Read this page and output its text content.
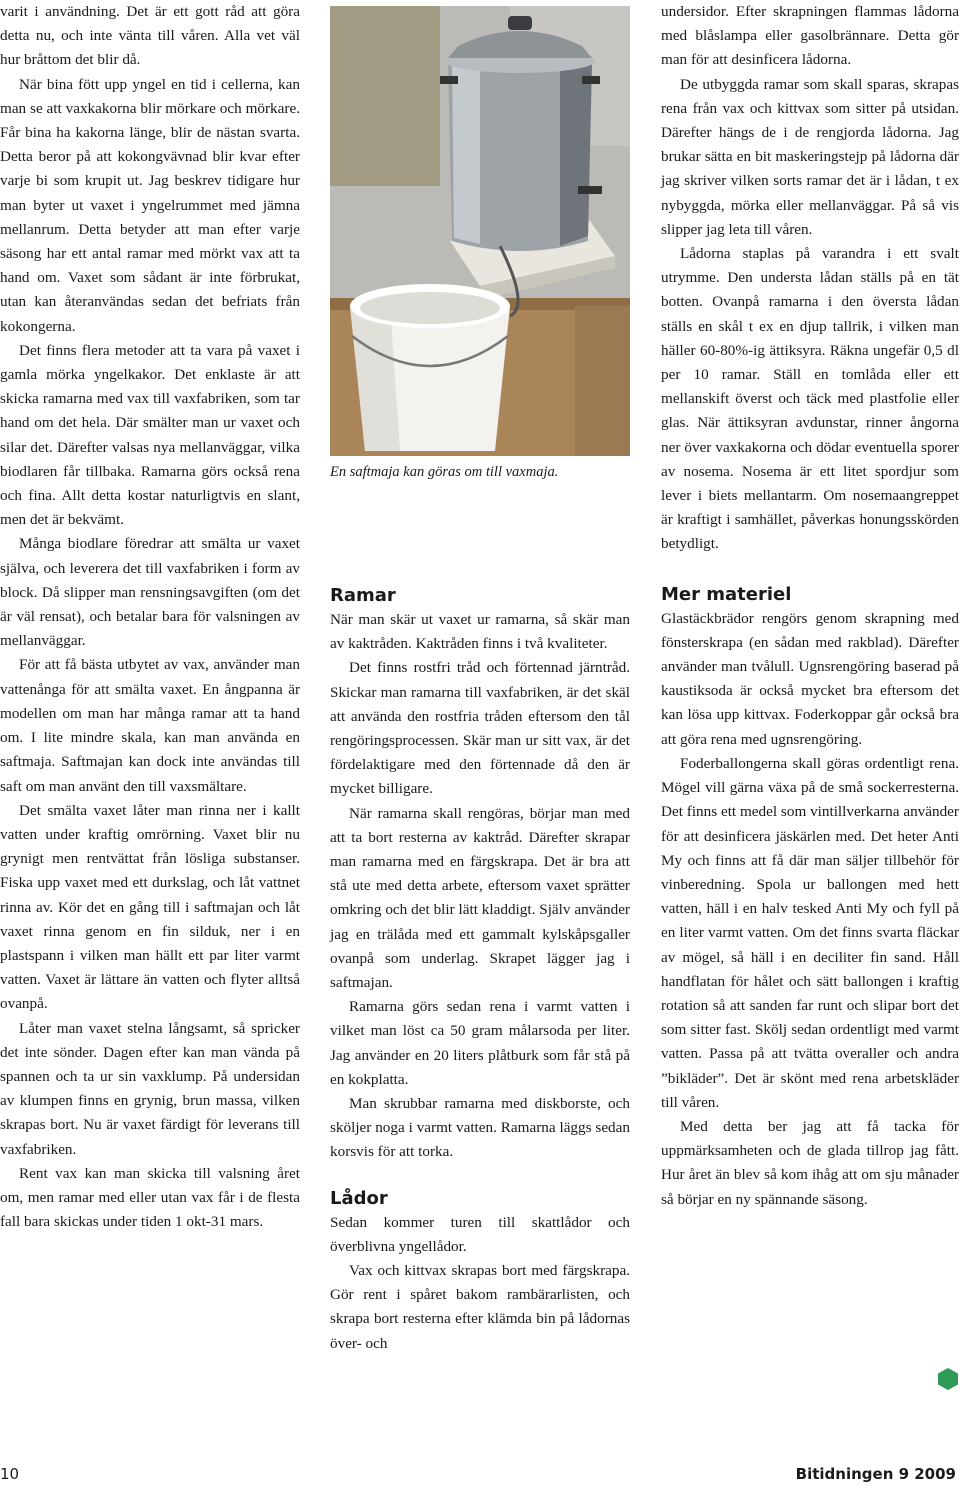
varit i användning. Det är ett gott råd att göra detta nu, och inte vänta till våren. Alla vet väl hur bråttom det blir då.

När bina fött upp yngel en tid i cellerna, kan man se att vaxkakorna blir mörkare och mörkare. Får bina ha kakorna länge, blir de nästan svarta. Detta beror på att kokongvävnad blir kvar efter varje bi som krupit ut. Jag beskrev tidigare hur man byter ut vaxet i yngelrummet med jämna mellanrum. Detta betyder att man efter varje säsong har ett antal ramar med mörkt vax att ta hand om. Vaxet som sådant är inte förbrukat, utan kan återanvändas sedan det befriats från kokongerna.

Det finns flera metoder att ta vara på vaxet i gamla mörka yngelkakor. Det enklaste är att skicka ramarna med vax till vaxfabriken, som tar hand om det hela. Där smälter man ur vaxet och silar det. Därefter valsas nya mellanväggar, vilka biodlaren får tillbaka. Ramarna görs också rena och fina. Allt detta kostar naturligtvis en slant, men det är bekvämt.

Många biodlare föredrar att smälta ur vaxet själva, och leverera det till vaxfabriken i form av block. Då slipper man rensningsavgiften (om det är väl rensat), och betalar bara för valsningen av mellanväggar.

För att få bästa utbytet av vax, använder man vattenånga för att smälta vaxet. En ångpanna är modellen om man har många ramar att ta hand om. I lite mindre skala, kan man använda en saftmaja. Saftmajan kan dock inte användas till saft om man använt den till vaxsmältare.

Det smälta vaxet låter man rinna ner i kallt vatten under kraftig omrörning. Vaxet blir nu grynigt men rentvättat från lösliga substanser. Fiska upp vaxet med ett durkslag, och låt vattnet rinna av. Kör det en gång till i saftmajan och låt vaxet rinna genom en fin silduk, ner i en plastspann i vilken man hällt ett par liter varmt vatten. Vaxet är lättare än vatten och flyter alltså ovanpå.

Låter man vaxet stelna långsamt, så spricker det inte sönder. Dagen efter kan man vända på spannen och ta ur sin vaxklump. På undersidan av klumpen finns en grynig, brun massa, vilken skrapas bort. Nu är vaxet färdigt för leverans till vaxfabriken.

Rent vax kan man skicka till valsning året om, men ramar med eller utan vax får i de flesta fall bara skickas under tiden 1 okt-31 mars.

En saftmaja kan göras om till vaxmaja.
Ramar

När man skär ut vaxet ur ramarna, så skär man av kaktråden. Kaktråden finns i två kvaliteter.

Det finns rostfri tråd och förtennad järntråd. Skickar man ramarna till vaxfabriken, är det skäl att använda den rostfria tråden eftersom den tål rengöringsprocessen. Skär man ur sitt vax, är det fördelaktigare med den förtennade då den är mycket billigare.

När ramarna skall rengöras, börjar man med att ta bort resterna av kaktråd. Därefter skrapar man ramarna med en färgskrapa. Det är bra att stå ute med detta arbete, eftersom vaxet sprätter omkring och det blir lätt kladdigt. Själv använder jag en trälåda med ett gammalt kylskåpsgaller ovanpå som underlag. Skrapet lägger jag i saftmajan.

Ramarna görs sedan rena i varmt vatten i vilket man löst ca 50 gram målarsoda per liter. Jag använder en 20 liters plåtburk som får stå på en kokplatta.

Man skrubbar ramarna med diskborste, och sköljer noga i varmt vatten. Ramarna läggs sedan korsvis för att torka.

Lådor

Sedan kommer turen till skattlådor och överblivna yngellådor.

Vax och kittvax skrapas bort med färgskrapa. Gör rent i spåret bakom rambärarlisten, och skrapa bort resterna efter klämda bin på lådornas över- och

undersidor. Efter skrapningen flammas lådorna med blåslampa eller gasolbrännare. Detta gör man för att desinficera lådorna.

De utbyggda ramar som skall sparas, skrapas rena från vax och kittvax som sitter på utsidan. Därefter hängs de i de rengjorda lådorna. Jag brukar sätta en bit maskeringstejp på lådorna där jag skriver vilken sorts ramar det är i lådan, t ex nybyggda, mörka eller mellanväggar. På så vis slipper jag leta till våren.

Lådorna staplas på varandra i ett svalt utrymme. Den understa lådan ställs på en tät botten. Ovanpå ramarna i den översta lådan ställs en skål t ex en djup tallrik, i vilken man häller 60-80%-ig ättiksyra. Räkna ungefär 0,5 dl per 10 ramar. Ställ en tomlåda eller ett mellanskift överst och täck med plastfolie eller glas. När ättiksyran avdunstar, rinner ångorna ner över vaxkakorna och dödar eventuella sporer av nosema. Nosema är ett litet spordjur som lever i biets mellantarm. Om nosemaangreppet är kraftigt i samhället, påverkas honungsskörden betydligt.

Mer materiel

Glastäckbrädor rengörs genom skrapning med fönsterskrapa (en sådan med rakblad). Därefter använder man tvålull. Ugnsrengöring baserad på kaustiksoda är också mycket bra eftersom det kan lösa upp kittvax. Foderkoppar går också bra att göra rena med ugnsrengöring.

Foderballongerna skall göras ordentligt rena. Mögel vill gärna växa på de små sockerresterna. Det finns ett medel som vintillverkarna använder för att desinficera jäskärlen med. Det heter Anti My och finns att få där man säljer tillbehör för vinberedning. Spola ur ballongen med hett vatten, häll i en halv tesked Anti My och fyll på en liter varmt vatten. Om det finns svarta fläckar av mögel, så häll i en deciliter fin sand. Håll handflatan för hålet och sätt ballongen i kraftig rotation så att sanden far runt och slipar bort det som sitter fast. Skölj sedan ordentligt med varmt vatten. Passa på att tvätta overaller och andra ”bikläder”. Det är skönt med rena arbetskläder till våren.

Med detta ber jag att få tacka för uppmärksamheten och de glada tillrop jag fått. Hur året än blev så kom ihåg att om sju månader så börjar en ny spännande säsong.

10	Bitidningen 9 2009
